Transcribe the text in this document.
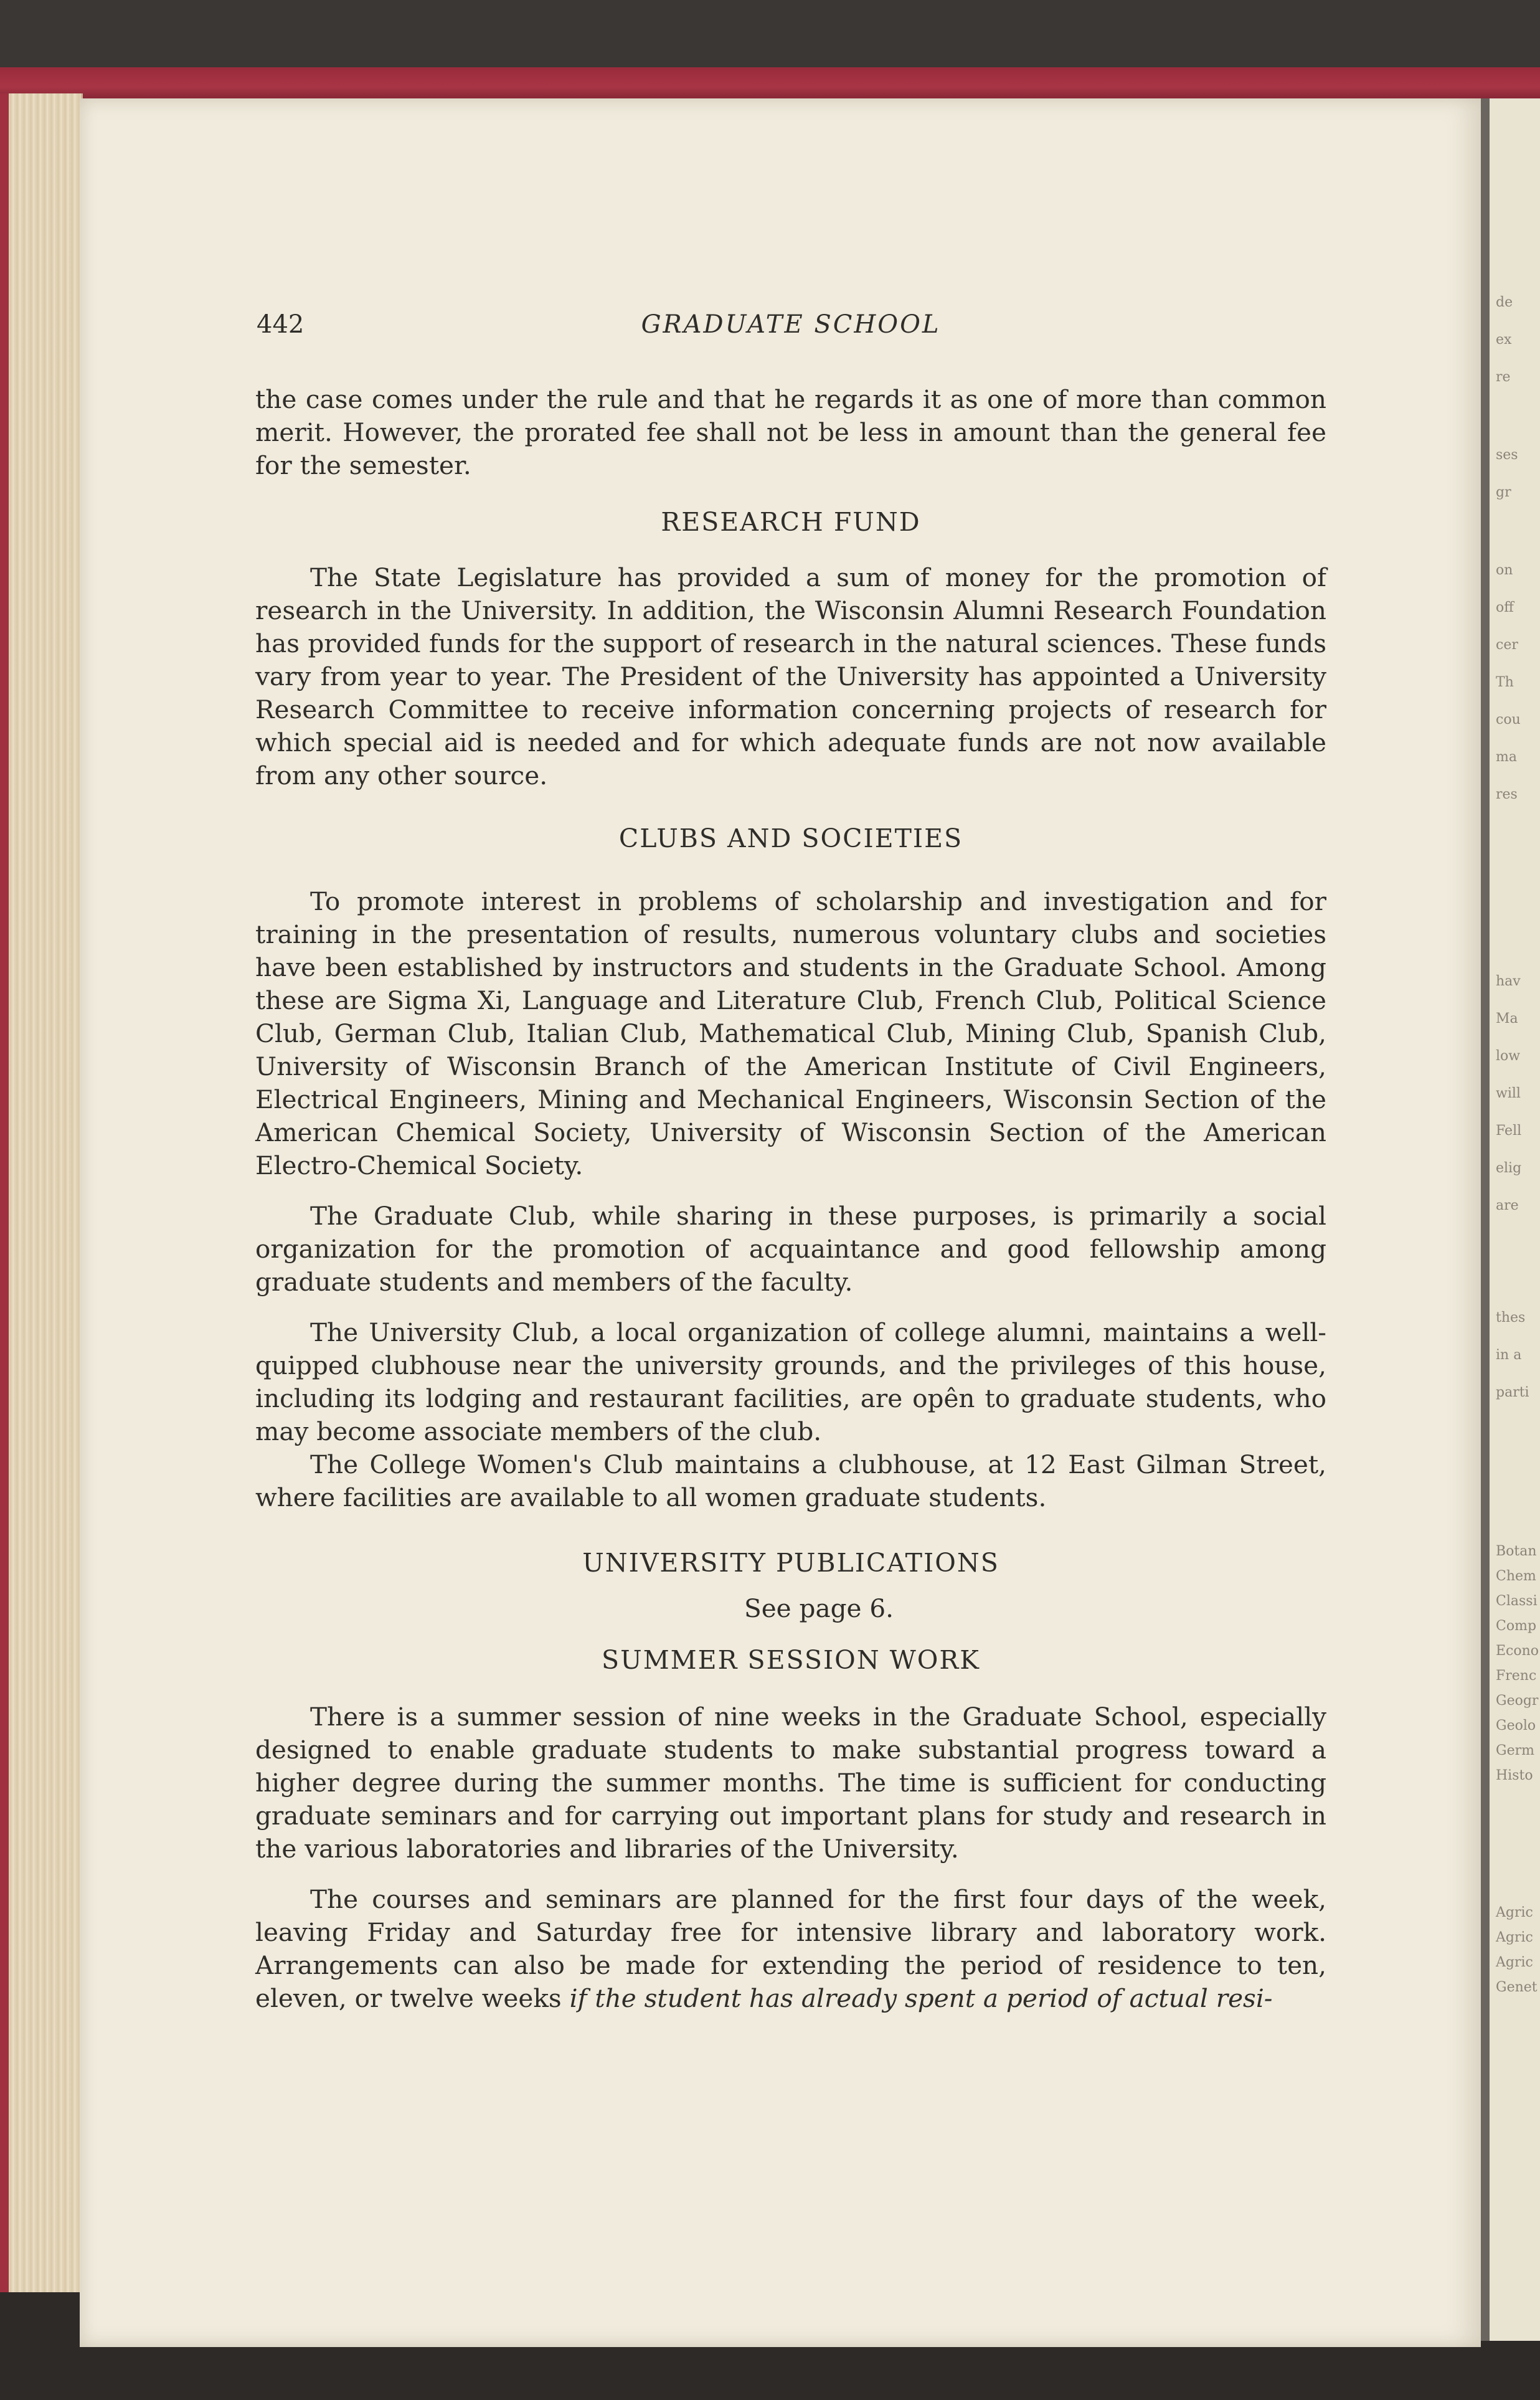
de
ex
re
ses
gr
on
off
cer
Th
cou
ma
res
hav
Ma
low
will
Fell
elig
are
thes
in a
parti
Botan
Chem
Classi
Comp
Econo
Frenc
Geogr
Geolo
Germ
Histo
Agric
Agric
Agric
Genet
442	GRADUATE SCHOOL

the case comes under the rule and that he regards it as one of more than common merit. However, the prorated fee shall not be less in amount than the general fee for the semester.

RESEARCH FUND

The State Legislature has provided a sum of money for the promotion of research in the University. In addition, the Wisconsin Alumni Research Foundation has provided funds for the support of research in the natural sciences. These funds vary from year to year. The President of the University has appointed a University Research Committee to receive information concerning projects of research for which special aid is needed and for which adequate funds are not now available from any other source.

CLUBS AND SOCIETIES

To promote interest in problems of scholarship and investigation and for training in the presentation of results, numerous voluntary clubs and societies have been established by instructors and students in the Graduate School. Among these are Sigma Xi, Language and Literature Club, French Club, Political Science Club, German Club, Italian Club, Mathematical Club, Mining Club, Spanish Club, University of Wisconsin Branch of the American Institute of Civil Engineers, Electrical Engineers, Mining and Mechanical Engineers, Wisconsin Section of the American Chemical Society, University of Wisconsin Section of the American Electro-Chemical Society.

The Graduate Club, while sharing in these purposes, is primarily a social organization for the promotion of acquaintance and good fellowship among graduate students and members of the faculty.

The University Club, a local organization of college alumni, maintains a well-quipped clubhouse near the university grounds, and the privileges of this house, including its lodging and restaurant facilities, are opên to graduate students, who may become associate members of the club.

The College Women's Club maintains a clubhouse, at 12 East Gilman Street, where facilities are available to all women graduate students.

UNIVERSITY PUBLICATIONS

See page 6.

SUMMER SESSION WORK

There is a summer session of nine weeks in the Graduate School, especially designed to enable graduate students to make substantial progress toward a higher degree during the summer months. The time is sufficient for conducting graduate seminars and for carrying out important plans for study and research in the various laboratories and libraries of the University.

The courses and seminars are planned for the first four days of the week, leaving Friday and Saturday free for intensive library and laboratory work. Arrangements can also be made for extending the period of residence to ten, eleven, or twelve weeks if the student has already spent a period of actual resi-
